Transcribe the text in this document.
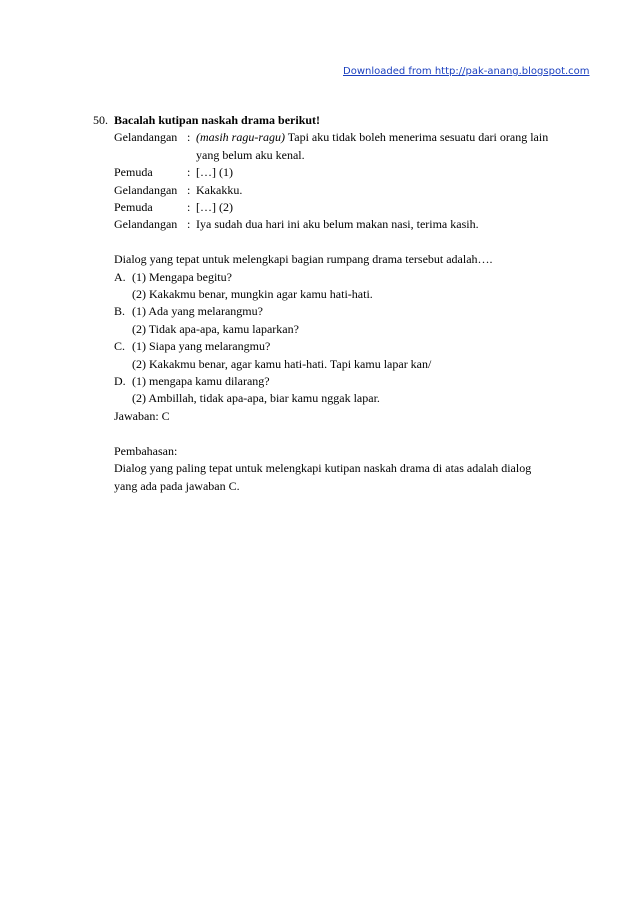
Downloaded from http://pak-anang.blogspot.com
50. Bacalah kutipan naskah drama berikut!
Gelandangan : (masih ragu-ragu) Tapi aku tidak boleh menerima sesuatu dari orang lain
yang belum aku kenal.
Pemuda	: […] (1)
Gelandangan : Kakakku.
Pemuda	: […] (2)
Gelandangan : Iya sudah dua hari ini aku belum makan nasi, terima kasih.
Dialog yang tepat untuk melengkapi bagian rumpang drama tersebut adalah….
A. (1) Mengapa begitu?
(2) Kakakmu benar, mungkin agar kamu hati-hati.
B. (1) Ada yang melarangmu?
(2) Tidak apa-apa, kamu laparkan?
C. (1) Siapa yang melarangmu?
(2) Kakakmu benar, agar kamu hati-hati. Tapi kamu lapar kan/
D. (1) mengapa kamu dilarang?
(2) Ambillah, tidak apa-apa, biar kamu nggak lapar.
Jawaban: C
Pembahasan:
Dialog yang paling tepat untuk melengkapi kutipan naskah drama di atas adalah dialog
yang ada pada jawaban C.
